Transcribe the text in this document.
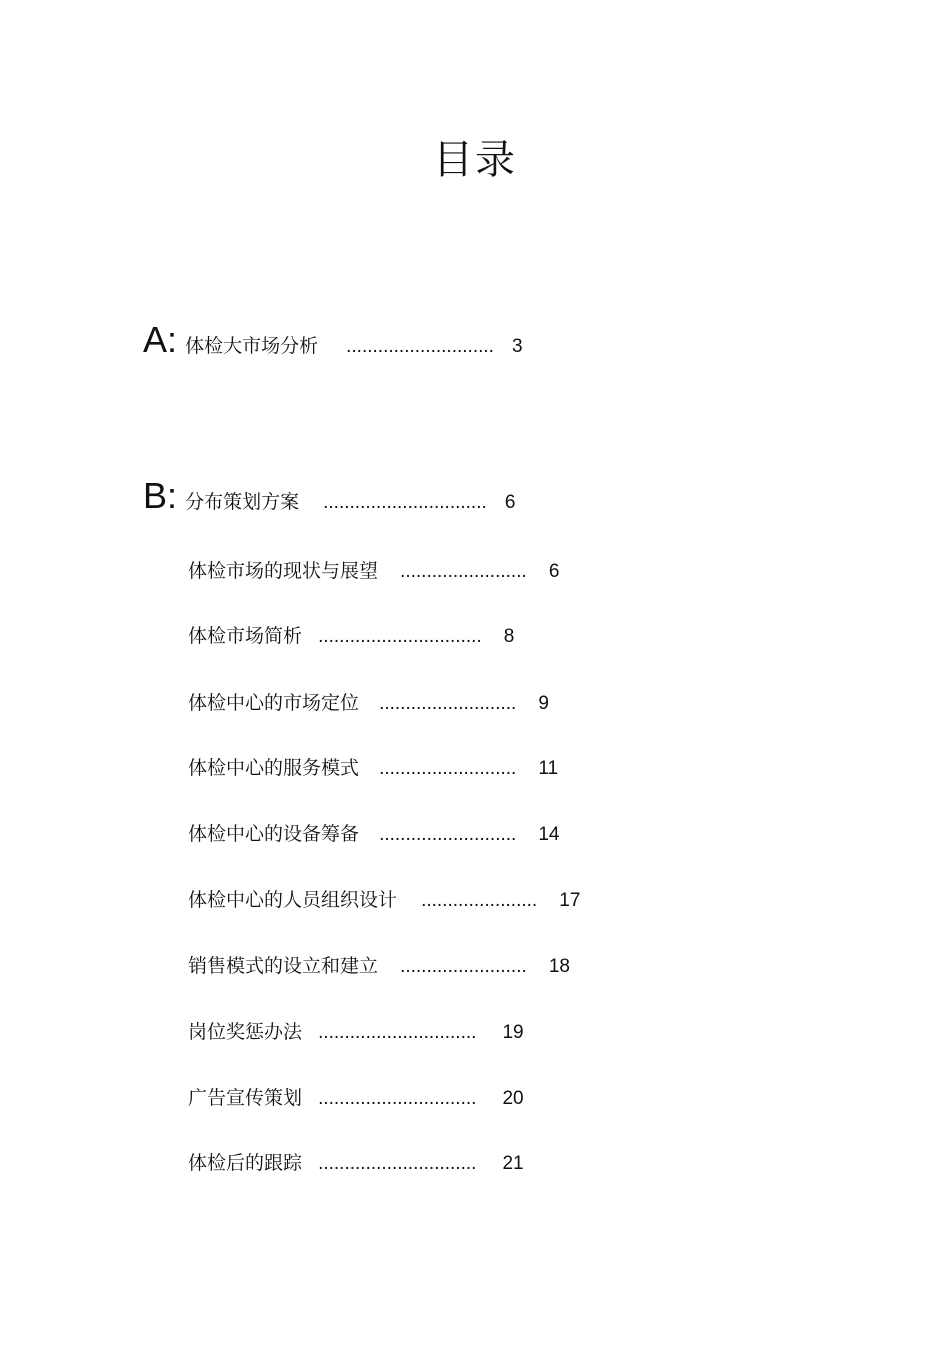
目录
A: 体检大市场分析 ............................ 3
B: 分布策划方案 ............................... 6
体检市场的现状与展望 ........................ 6
体检市场简析 ............................... 8
体检中心的市场定位 .......................... 9
体检中心的服务模式 .......................... 11
体检中心的设备筹备 .......................... 14
体检中心的人员组织设计 ...................... 17
销售模式的设立和建立 ........................ 18
岗位奖惩办法 .............................. 19
广告宣传策划 .............................. 20
体检后的跟踪 .............................. 21
